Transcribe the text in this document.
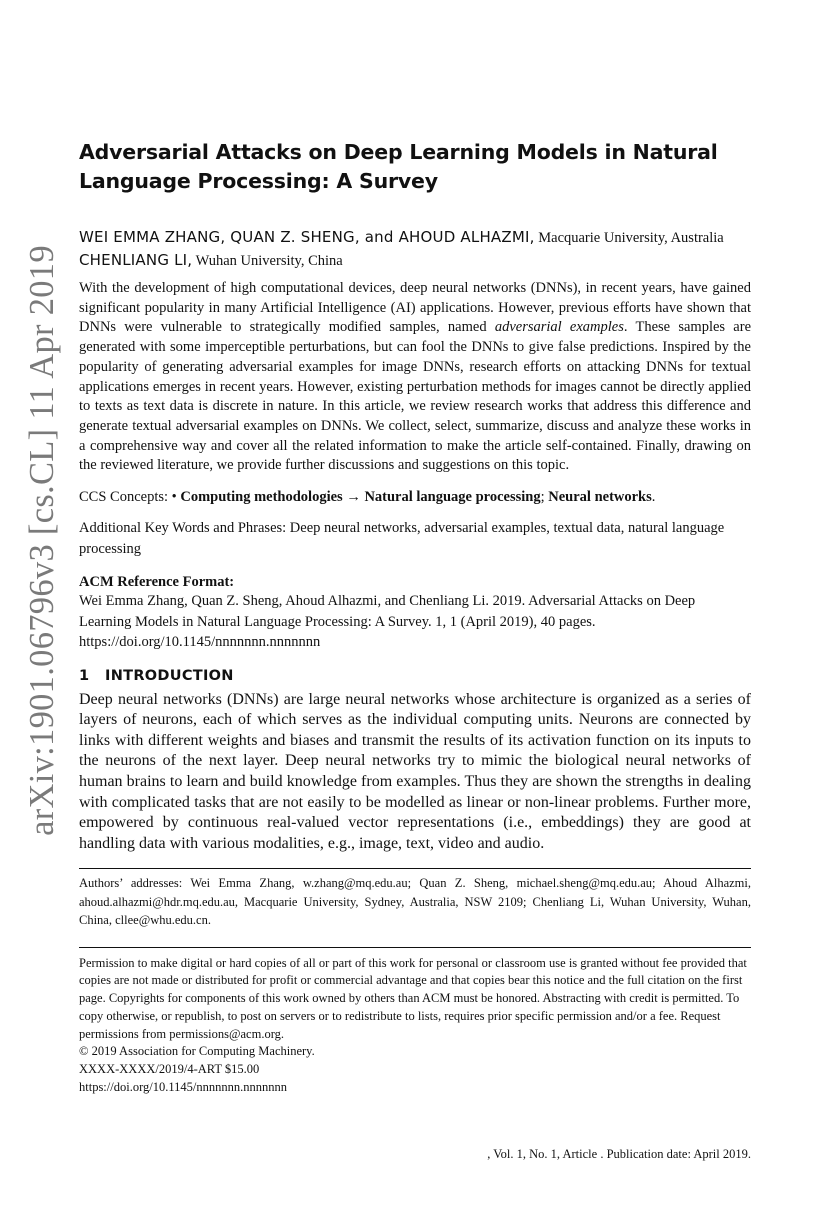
arXiv:1901.06796v3 [cs.CL] 11 Apr 2019
Adversarial Attacks on Deep Learning Models in Natural Language Processing: A Survey
WEI EMMA ZHANG, QUAN Z. SHENG, and AHOUD ALHAZMI, Macquarie University, Australia
CHENLIANG LI, Wuhan University, China
With the development of high computational devices, deep neural networks (DNNs), in recent years, have gained significant popularity in many Artificial Intelligence (AI) applications. However, previous efforts have shown that DNNs were vulnerable to strategically modified samples, named adversarial examples. These samples are generated with some imperceptible perturbations, but can fool the DNNs to give false predictions. Inspired by the popularity of generating adversarial examples for image DNNs, research efforts on attacking DNNs for textual applications emerges in recent years. However, existing perturbation methods for images cannot be directly applied to texts as text data is discrete in nature. In this article, we review research works that address this difference and generate textual adversarial examples on DNNs. We collect, select, summarize, discuss and analyze these works in a comprehensive way and cover all the related information to make the article self-contained. Finally, drawing on the reviewed literature, we provide further discussions and suggestions on this topic.
CCS Concepts: • Computing methodologies → Natural language processing; Neural networks.
Additional Key Words and Phrases: Deep neural networks, adversarial examples, textual data, natural language processing
ACM Reference Format:
Wei Emma Zhang, Quan Z. Sheng, Ahoud Alhazmi, and Chenliang Li. 2019. Adversarial Attacks on Deep Learning Models in Natural Language Processing: A Survey. 1, 1 (April 2019), 40 pages. https://doi.org/10.1145/nnnnnnn.nnnnnnn
1 INTRODUCTION
Deep neural networks (DNNs) are large neural networks whose architecture is organized as a series of layers of neurons, each of which serves as the individual computing units. Neurons are connected by links with different weights and biases and transmit the results of its activation function on its inputs to the neurons of the next layer. Deep neural networks try to mimic the biological neural networks of human brains to learn and build knowledge from examples. Thus they are shown the strengths in dealing with complicated tasks that are not easily to be modelled as linear or non-linear problems. Further more, empowered by continuous real-valued vector representations (i.e., embeddings) they are good at handling data with various modalities, e.g., image, text, video and audio.
Authors’ addresses: Wei Emma Zhang, w.zhang@mq.edu.au; Quan Z. Sheng, michael.sheng@mq.edu.au; Ahoud Alhazmi, ahoud.alhazmi@hdr.mq.edu.au, Macquarie University, Sydney, Australia, NSW 2109; Chenliang Li, Wuhan University, Wuhan, China, cllee@whu.edu.cn.

Permission to make digital or hard copies of all or part of this work for personal or classroom use is granted without fee provided that copies are not made or distributed for profit or commercial advantage and that copies bear this notice and the full citation on the first page. Copyrights for components of this work owned by others than ACM must be honored. Abstracting with credit is permitted. To copy otherwise, or republish, to post on servers or to redistribute to lists, requires prior specific permission and/or a fee. Request permissions from permissions@acm.org.

© 2019 Association for Computing Machinery.

XXXX-XXXX/2019/4-ART $15.00

https://doi.org/10.1145/nnnnnnn.nnnnnnn

, Vol. 1, No. 1, Article . Publication date: April 2019.
